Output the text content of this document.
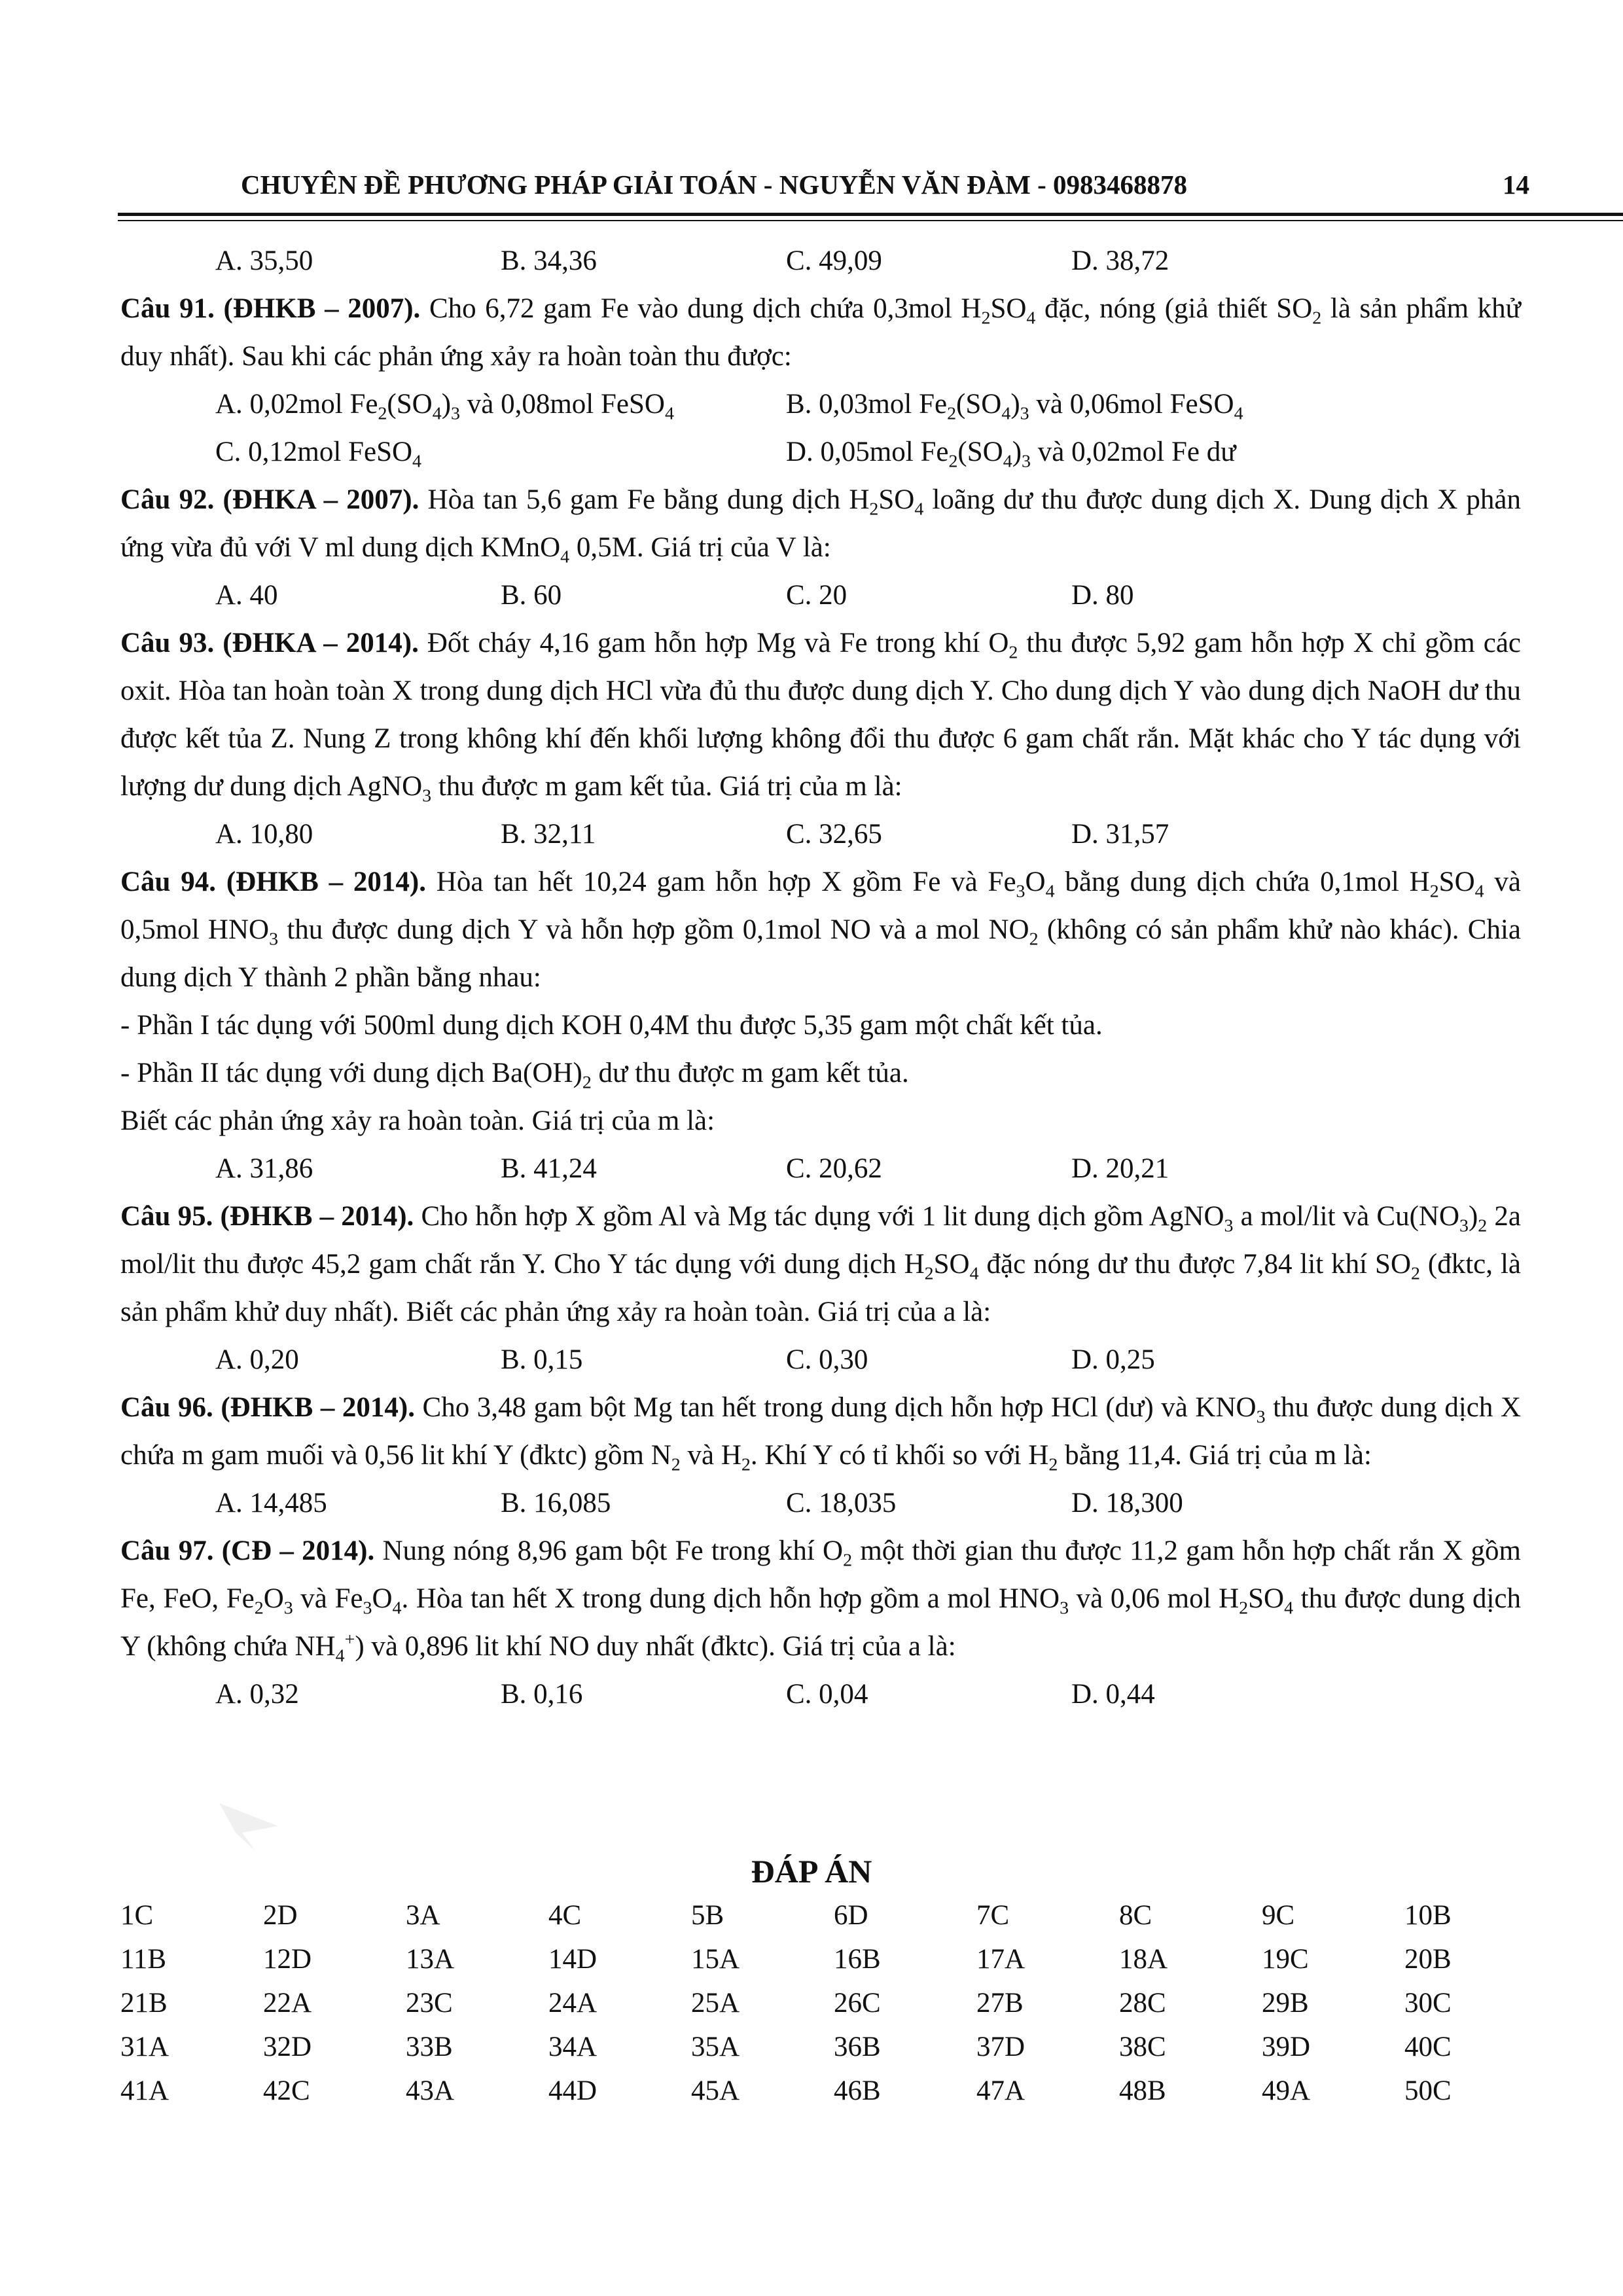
CHUYÊN ĐỀ PHƯƠNG PHÁP GIẢI TOÁN - NGUYỄN VĂN ĐÀM - 0983468878	14
A. 35,50	B. 34,36	C. 49,09	D. 38,72

Câu 91. (ĐHKB – 2007). Cho 6,72 gam Fe vào dung dịch chứa 0,3mol $H_2SO_4$ đặc, nóng (giả thiết $SO_2$ là sản phẩm khử duy nhất). Sau khi các phản ứng xảy ra hoàn toàn thu được:

A. 0,02mol $Fe_2(SO_4)_3$ và 0,08mol FeSO$_4$	B. 0,03mol $Fe_2(SO_4)_3$ và 0,06mol FeSO$_4$
C. 0,12mol FeSO$_4$	D. 0,05mol $Fe_2(SO_4)_3$ và 0,02mol Fe dư

Câu 92. (ĐHKA – 2007). Hòa tan 5,6 gam Fe bằng dung dịch $H_2SO_4$ loãng dư thu được dung dịch X. Dung dịch X phản ứng vừa đủ với V ml dung dịch KMnO$_4$ 0,5M. Giá trị của V là:

A. 40	B. 60	C. 20	D. 80

Câu 93. (ĐHKA – 2014). Đốt cháy 4,16 gam hỗn hợp Mg và Fe trong khí $O_2$ thu được 5,92 gam hỗn hợp X chỉ gồm các oxit. Hòa tan hoàn toàn X trong dung dịch HCl vừa đủ thu được dung dịch Y. Cho dung dịch Y vào dung dịch NaOH dư thu được kết tủa Z. Nung Z trong không khí đến khối lượng không đổi thu được 6 gam chất rắn. Mặt khác cho Y tác dụng với lượng dư dung dịch AgNO$_3$ thu được m gam kết tủa. Giá trị của m là:

A. 10,80	B. 32,11	C. 32,65	D. 31,57

Câu 94. (ĐHKB – 2014). Hòa tan hết 10,24 gam hỗn hợp X gồm Fe và $Fe_3O_4$ bằng dung dịch chứa 0,1mol $H_2SO_4$ và 0,5mol $HNO_3$ thu được dung dịch Y và hỗn hợp gồm 0,1mol NO và a mol $NO_2$ (không có sản phẩm khử nào khác). Chia dung dịch Y thành 2 phần bằng nhau:

- Phần I tác dụng với 500ml dung dịch KOH 0,4M thu được 5,35 gam một chất kết tủa.

- Phần II tác dụng với dung dịch $Ba(OH)_2$ dư thu được m gam kết tủa.

Biết các phản ứng xảy ra hoàn toàn. Giá trị của m là:

A. 31,86	B. 41,24	C. 20,62	D. 20,21

Câu 95. (ĐHKB – 2014). Cho hỗn hợp X gồm Al và Mg tác dụng với 1 lit dung dịch gồm AgNO$_3$ a mol/lit và $Cu(NO_3)_2$ 2a mol/lit thu được 45,2 gam chất rắn Y. Cho Y tác dụng với dung dịch $H_2SO_4$ đặc nóng dư thu được 7,84 lit khí $SO_2$ (đktc, là sản phẩm khử duy nhất). Biết các phản ứng xảy ra hoàn toàn. Giá trị của a là:

A. 0,20	B. 0,15	C. 0,30	D. 0,25

Câu 96. (ĐHKB – 2014). Cho 3,48 gam bột Mg tan hết trong dung dịch hỗn hợp HCl (dư) và $KNO_3$ thu được dung dịch X chứa m gam muối và 0,56 lit khí Y (đktc) gồm $N_2$ và $H_2$. Khí Y có tỉ khối so với $H_2$ bằng 11,4. Giá trị của m là:

A. 14,485	B. 16,085	C. 18,035	D. 18,300

Câu 97. (CĐ – 2014). Nung nóng 8,96 gam bột Fe trong khí $O_2$ một thời gian thu được 11,2 gam hỗn hợp chất rắn X gồm Fe, FeO, $Fe_2O_3$ và $Fe_3O_4$. Hòa tan hết X trong dung dịch hỗn hợp gồm a mol $HNO_3$ và 0,06 mol $H_2SO_4$ thu được dung dịch Y (không chứa $NH_4^+$) và 0,896 lit khí NO duy nhất (đktc). Giá trị của a là:

A. 0,32	B. 0,16	C. 0,04	D. 0,44
ĐÁP ÁN
1C	2D	3A	4C	5B	6D	7C	8C	9C	10B
11B	12D	13A	14D	15A	16B	17A	18A	19C	20B
21B	22A	23C	24A	25A	26C	27B	28C	29B	30C
31A	32D	33B	34A	35A	36B	37D	38C	39D	40C
41A	42C	43A	44D	45A	46B	47A	48B	49A	50C
